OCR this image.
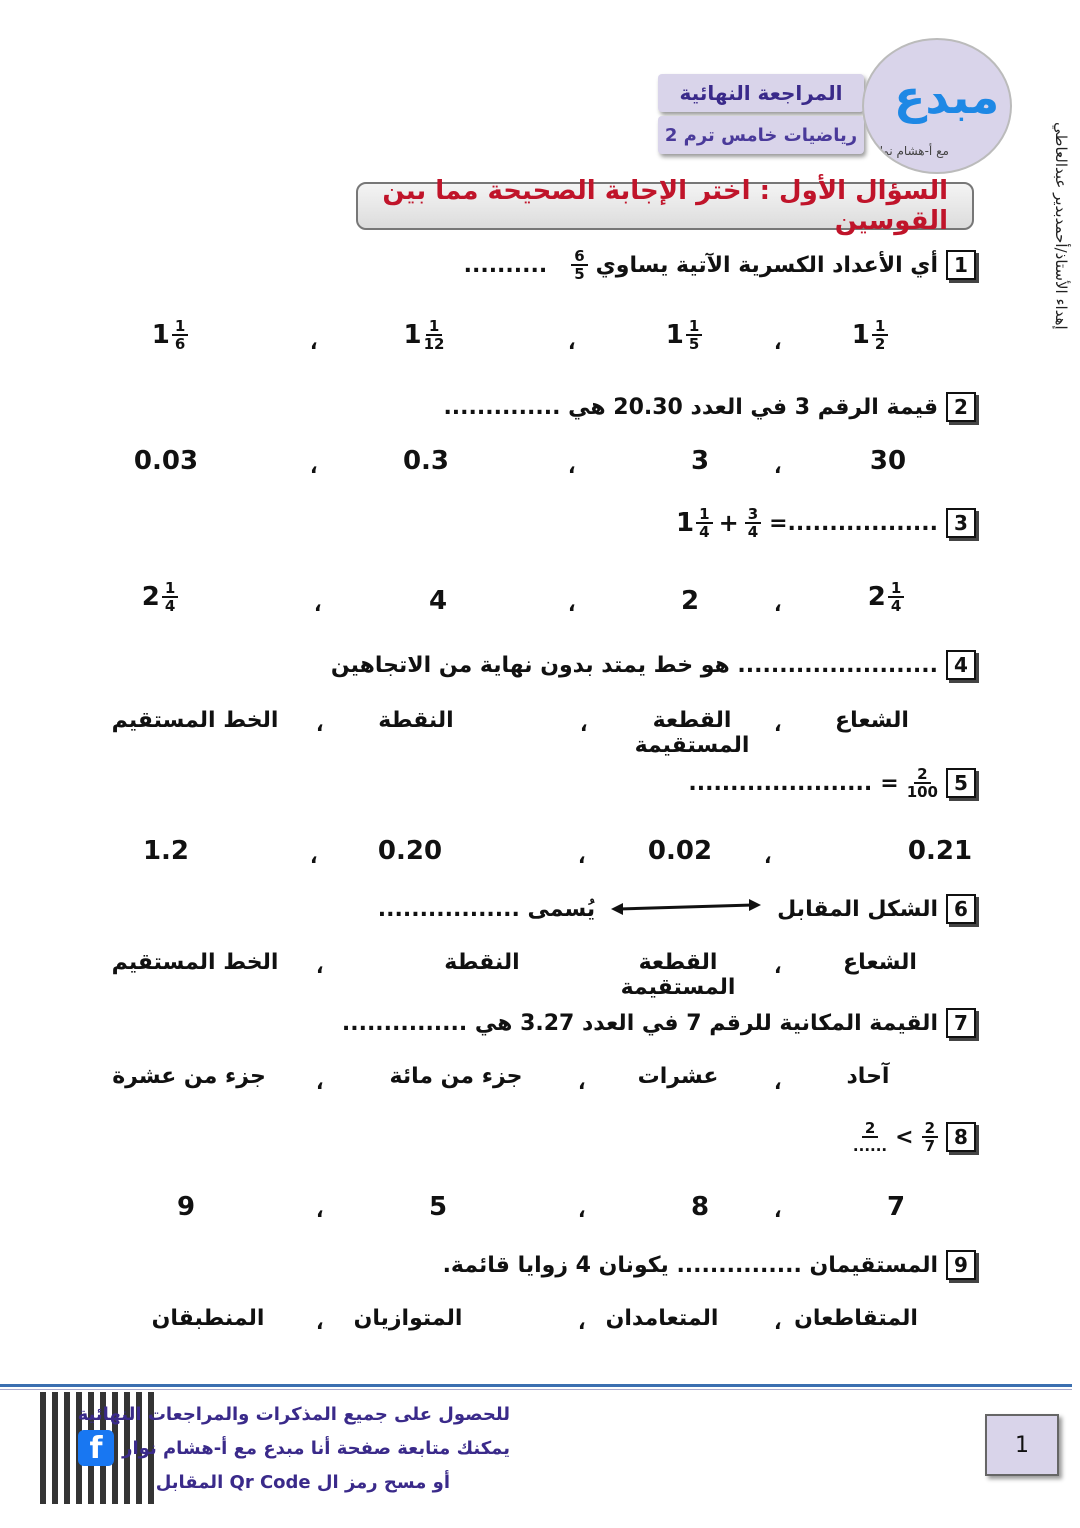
إهداء الأستاذ/أحمدبدير عبدالعاطي
المراجعة النهائية
رياضيات خامس ترم 2
مبدع
مع أ-هشام نوار
السؤال الأول : اختر الإجابة الصحيحة مما بين القوسين
1
أي الأعداد الكسرية الآتية يساوي
$\frac{6}{5}$
..........
$1 \frac{1}{2}$
$1 \frac{1}{5}$
$1 \frac{1}{12}$
$1 \frac{1}{6}$	،
،
،
2
قيمة الرقم 3 في العدد 20.30 هي ..............
30
3
0.3
0.03	،
،
،
3
=..................
$1 \frac{1}{4} + \frac{3}{4}$
$2 \frac{1}{4}$
2
4
$2 \frac{1}{4}$	،
،
،
4
........................ هو خط يمتد بدون نهاية من الاتجاهين
الشعاع
القطعة المستقيمة
النقطة
الخط المستقيم	،
،
،
5
$\frac{2}{100}$
=
......................
0.21
0.02
0.20
1.2	،
،
،
6
الشكل المقابل
يُسمى .................
الشعاع
القطعة المستقيمة
النقطة
الخط المستقيم	،
،
7
القيمة المكانية للرقم 7 في العدد 3.27 هي ...............
آحاد
عشرات
جزء من مائة
جزء من عشرة	،
،
،
8
$\frac{2}{7}$
>
$\frac{2}{......}$
7
8
5
9	،
،
،
9
المستقيمان ............... يكونان 4 زوايا قائمة.
المتقاطعان
المتعامدان
المتوازيان
المنطبقان	،
،
،
f
للحصول على جميع المذكرات والمراجعات النهائية
يمكنك متابعة صفحة أنا مبدع مع أ-هشام نوار
أو مسح رمز ال Qr Code المقابل
1
